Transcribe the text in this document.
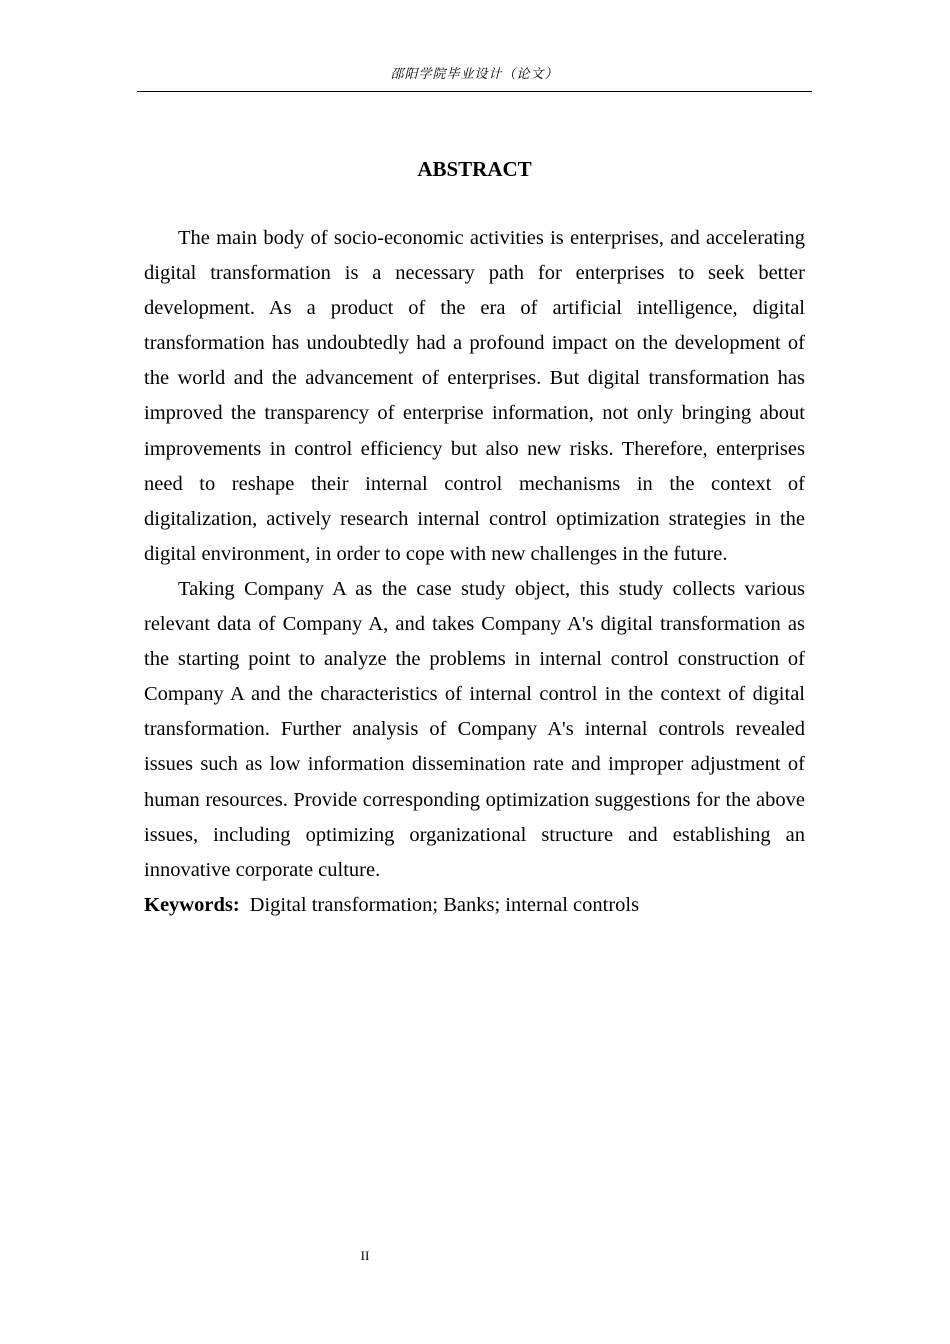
邵阳学院毕业设计（论文）
ABSTRACT

The main body of socio-economic activities is enterprises, and accelerating digital transformation is a necessary path for enterprises to seek better development. As a product of the era of artificial intelligence, digital transformation has undoubtedly had a profound impact on the development of the world and the advancement of enterprises. But digital transformation has improved the transparency of enterprise information, not only bringing about improvements in control efficiency but also new risks. Therefore, enterprises need to reshape their internal control mechanisms in the context of digitalization, actively research internal control optimization strategies in the digital environment, in order to cope with new challenges in the future.

Taking Company A as the case study object, this study collects various relevant data of Company A, and takes Company A's digital transformation as the starting point to analyze the problems in internal control construction of Company A and the characteristics of internal control in the context of digital transformation. Further analysis of Company A's internal controls revealed issues such as low information dissemination rate and improper adjustment of human resources. Provide corresponding optimization suggestions for the above issues, including optimizing organizational structure and establishing an innovative corporate culture.

Keywords: Digital transformation; Banks; internal controls

II
